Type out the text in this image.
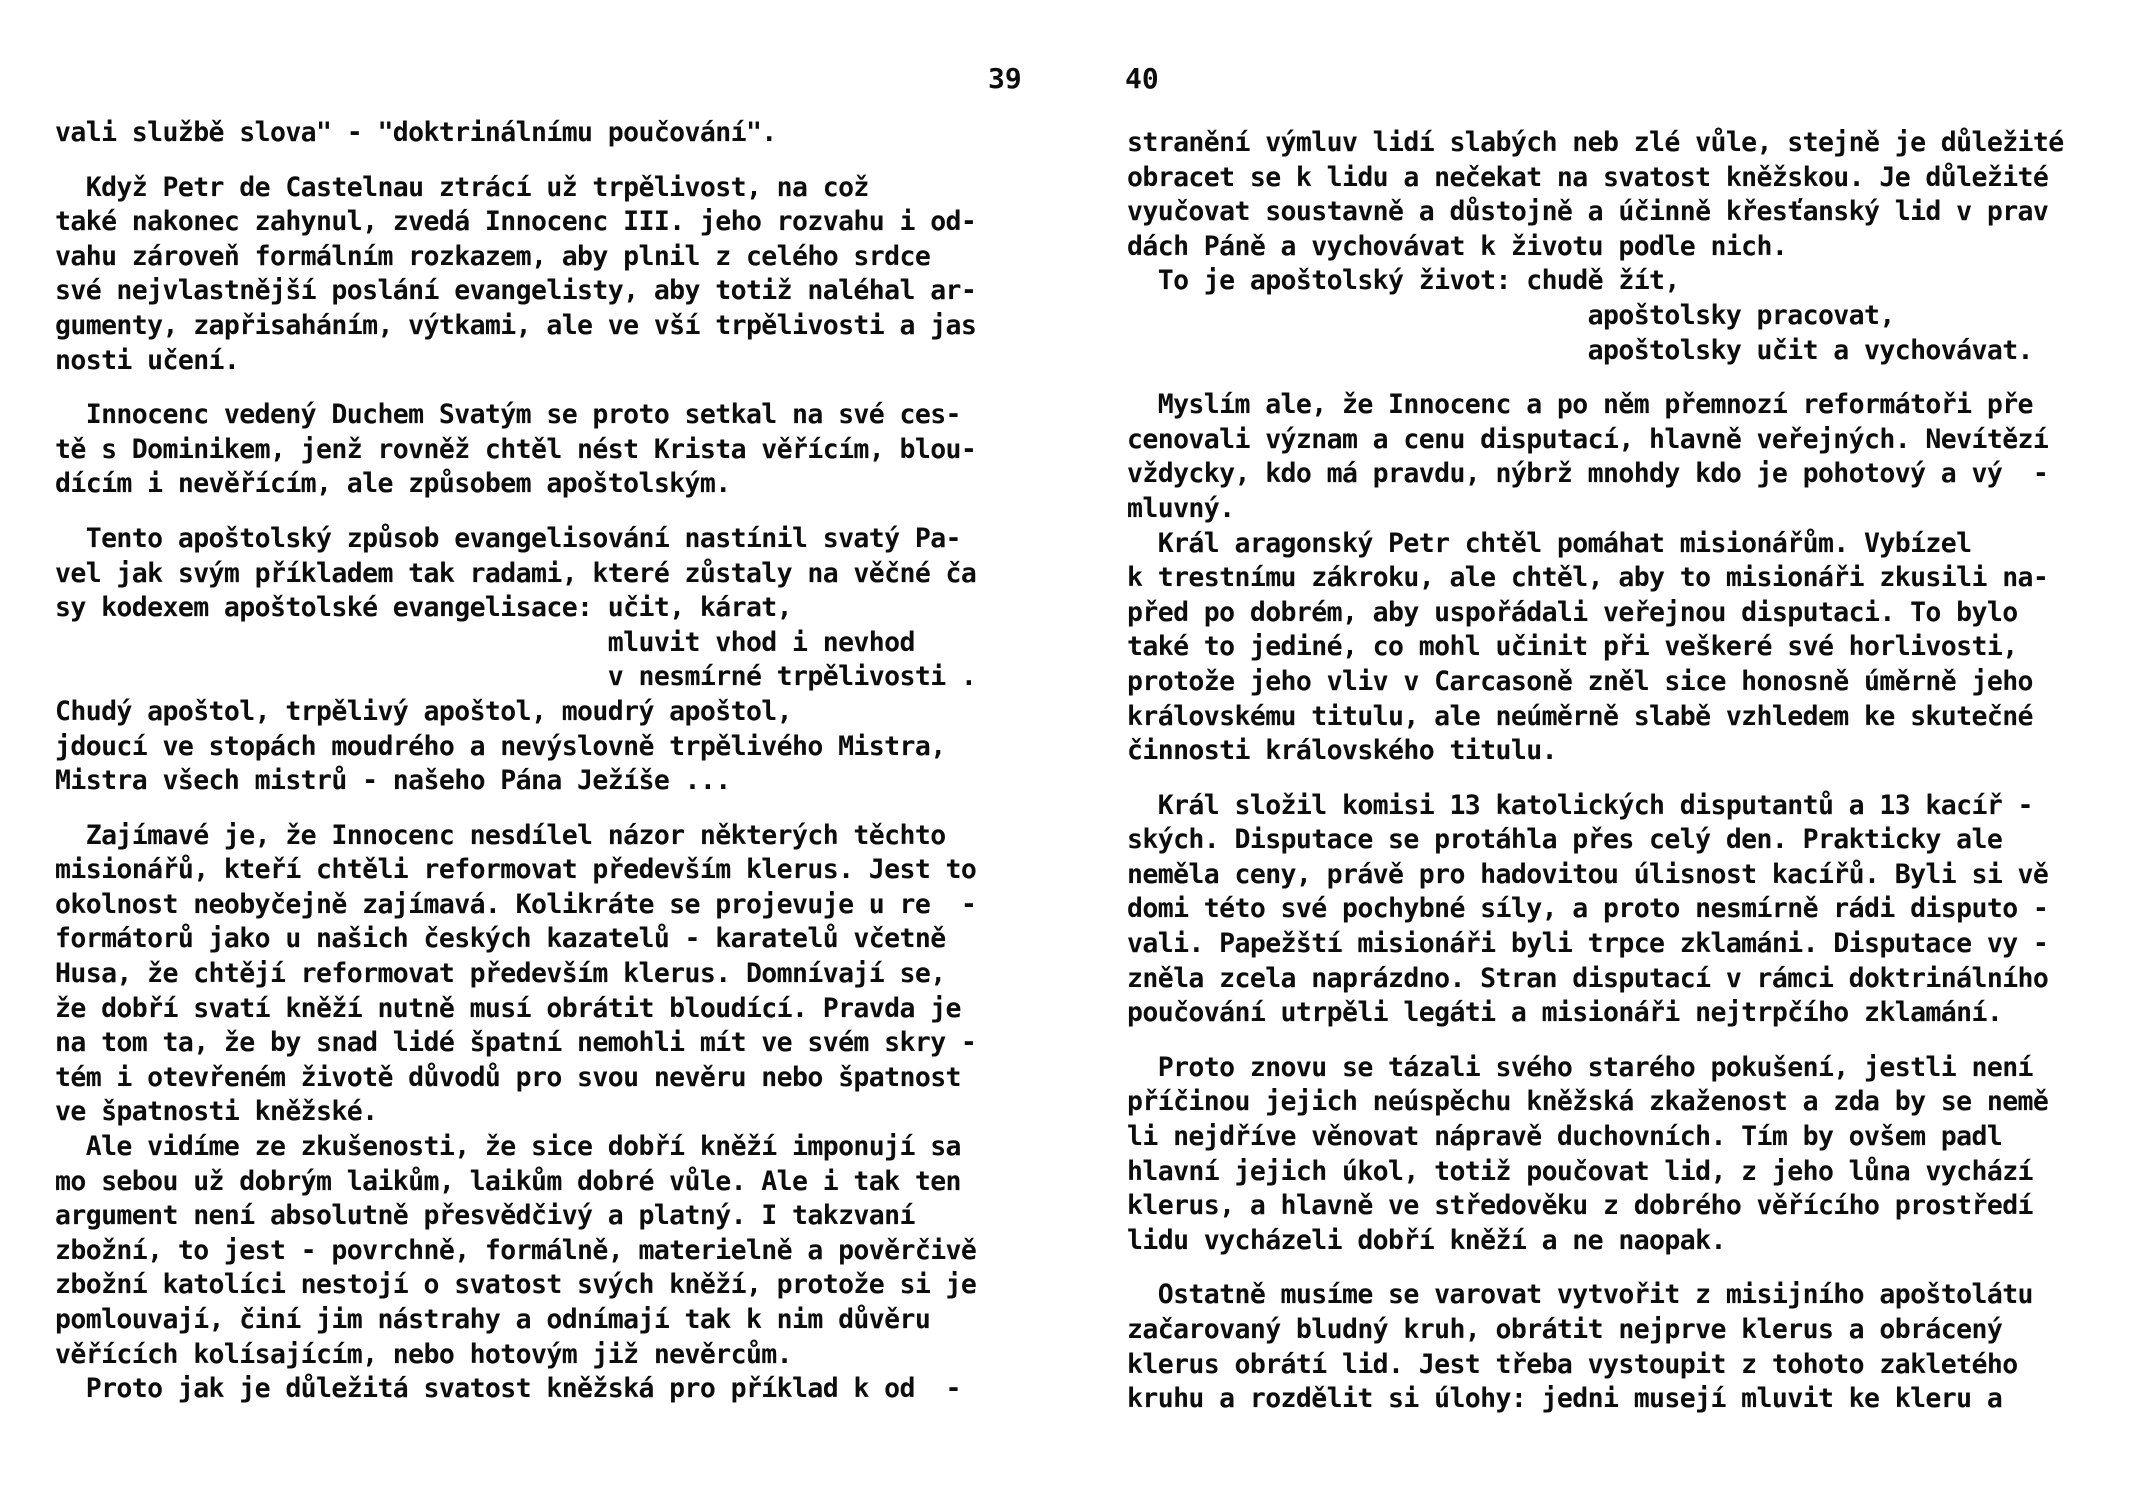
39
vali službě slova" - "doktrinálnímu poučování".
Když Petr de Castelnau ztrácí už trpělivost, na což
také nakonec zahynul, zvedá Innocenc III. jeho rozvahu i od-
vahu zároveň formálním rozkazem, aby plnil z celého srdce
své nejvlastnější poslání evangelisty, aby totiž naléhal ar-
gumenty, zapřisaháním, výtkami, ale ve vší trpělivosti a jas
nosti učení.
Innocenc vedený Duchem Svatým se proto setkal na své ces-
tě s Dominikem, jenž rovněž chtěl nést Krista věřícím, blou-
dícím i nevěřícím, ale způsobem apoštolským.
Tento apoštolský způsob evangelisování nastínil svatý Pa-
vel jak svým příkladem tak radami, které zůstaly na věčné ča
sy kodexem apoštolské evangelisace: učit, kárat,
mluvit vhod i nevhod
v nesmírné trpělivosti .
Chudý apoštol, trpělivý apoštol, moudrý apoštol,
jdoucí ve stopách moudrého a nevýslovně trpělivého Mistra,
Mistra všech mistrů - našeho Pána Ježíše ...
Zajímavé je, že Innocenc nesdílel názor některých těchto
misionářů, kteří chtěli reformovat především klerus. Jest to
okolnost neobyčejně zajímavá. Kolikráte se projevuje u re  -
formátorů jako u našich českých kazatelů - karatelů včetně
Husa, že chtějí reformovat především klerus. Domnívají se,
že dobří svatí kněží nutně musí obrátit bloudící. Pravda je
na tom ta, že by snad lidé špatní nemohli mít ve svém skry -
tém i otevřeném životě důvodů pro svou nevěru nebo špatnost
ve špatnosti kněžské.
Ale vidíme ze zkušenosti, že sice dobří kněží imponují sa
mo sebou už dobrým laikům, laikům dobré vůle. Ale i tak ten
argument není absolutně přesvědčivý a platný. I takzvaní
zbožní, to jest - povrchně, formálně, materielně a pověrčivě
zbožní katolíci nestojí o svatost svých kněží, protože si je
pomlouvají, činí jim nástrahy a odnímají tak k nim důvěru
věřících kolísajícím, nebo hotovým již nevěrcům.
Proto jak je důležitá svatost kněžská pro příklad k od  -
40
stranění výmluv lidí slabých neb zlé vůle, stejně je důležité
obracet se k lidu a nečekat na svatost kněžskou. Je důležité
vyučovat soustavně a důstojně a účinně křesťanský lid v prav
dách Páně a vychovávat k životu podle nich.
To je apoštolský život: chudě žít,
apoštolsky pracovat,
apoštolsky učit a vychovávat.
Myslím ale, že Innocenc a po něm přemnozí reformátoři pře
cenovali význam a cenu disputací, hlavně veřejných. Nevítězí
vždycky, kdo má pravdu, nýbrž mnohdy kdo je pohotový a vý  -
mluvný.
Král aragonský Petr chtěl pomáhat misionářům. Vybízel
k trestnímu zákroku, ale chtěl, aby to misionáři zkusili na-
před po dobrém, aby uspořádali veřejnou disputaci. To bylo
také to jediné, co mohl učinit při veškeré své horlivosti,
protože jeho vliv v Carcasoně zněl sice honosně úměrně jeho
královskému titulu, ale neúměrně slabě vzhledem ke skutečné
činnosti královského titulu.
Král složil komisi 13 katolických disputantů a 13 kacíř -
ských. Disputace se protáhla přes celý den. Prakticky ale
neměla ceny, právě pro hadovitou úlisnost kacířů. Byli si vě
domi této své pochybné síly, a proto nesmírně rádi disputo -
vali. Papežští misionáři byli trpce zklamáni. Disputace vy -
zněla zcela naprázdno. Stran disputací v rámci doktrinálního
poučování utrpěli legáti a misionáři nejtrpčího zklamání.
Proto znovu se tázali svého starého pokušení, jestli není
příčinou jejich neúspěchu kněžská zkaženost a zda by se nemě
li nejdříve věnovat nápravě duchovních. Tím by ovšem padl
hlavní jejich úkol, totiž poučovat lid, z jeho lůna vychází
klerus, a hlavně ve středověku z dobrého věřícího prostředí
lidu vycházeli dobří kněží a ne naopak.
Ostatně musíme se varovat vytvořit z misijního apoštolátu
začarovaný bludný kruh, obrátit nejprve klerus a obrácený
klerus obrátí lid. Jest třeba vystoupit z tohoto zakletého
kruhu a rozdělit si úlohy: jedni musejí mluvit ke kleru a
